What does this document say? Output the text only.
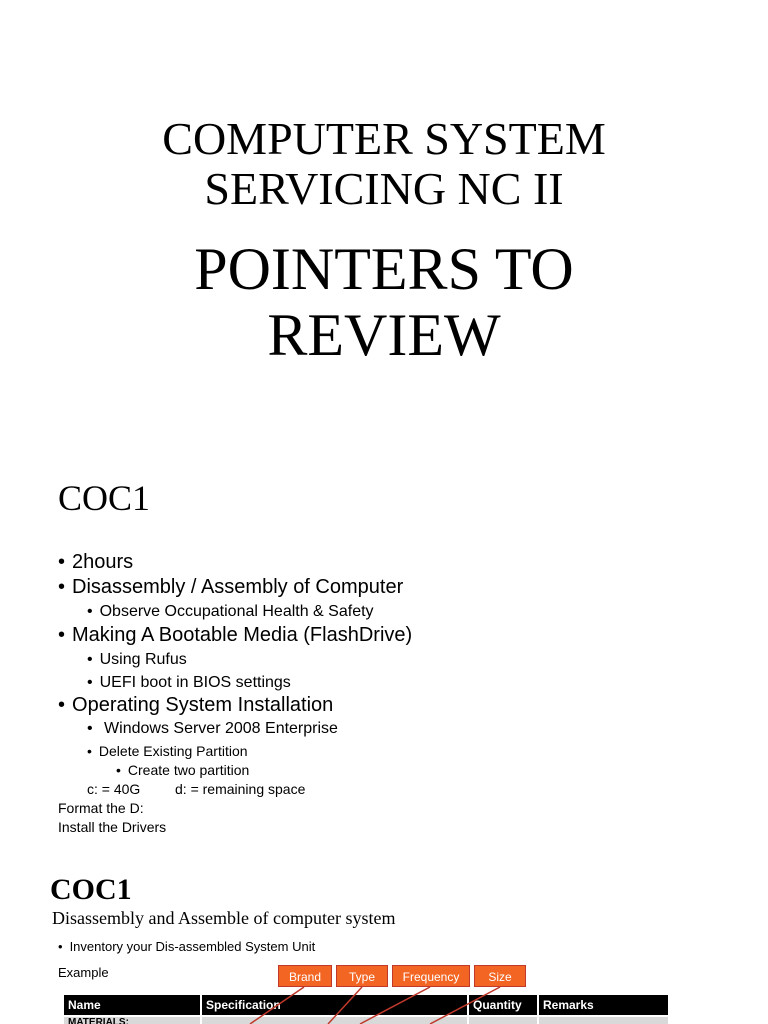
COMPUTER SYSTEM
SERVICING NC II
POINTERS TO
REVIEW
COC1
• 2hours
• Disassembly / Assembly of Computer
• Observe Occupational Health & Safety
• Making A Bootable Media (FlashDrive)
• Using Rufus
• UEFI boot in BIOS settings
• Operating System Installation
•  Windows Server 2008 Enterprise
• Delete Existing Partition
• Create two partition
c: = 40G d: = remaining space
Format the D:
Install the Drivers
COC1
Disassembly and Assemble of computer system
• Inventory your Dis-assembled System Unit
Example	Brand	Type	Frequency	Size
Name	Specification	Quantity	Remarks
MATERIALS:
